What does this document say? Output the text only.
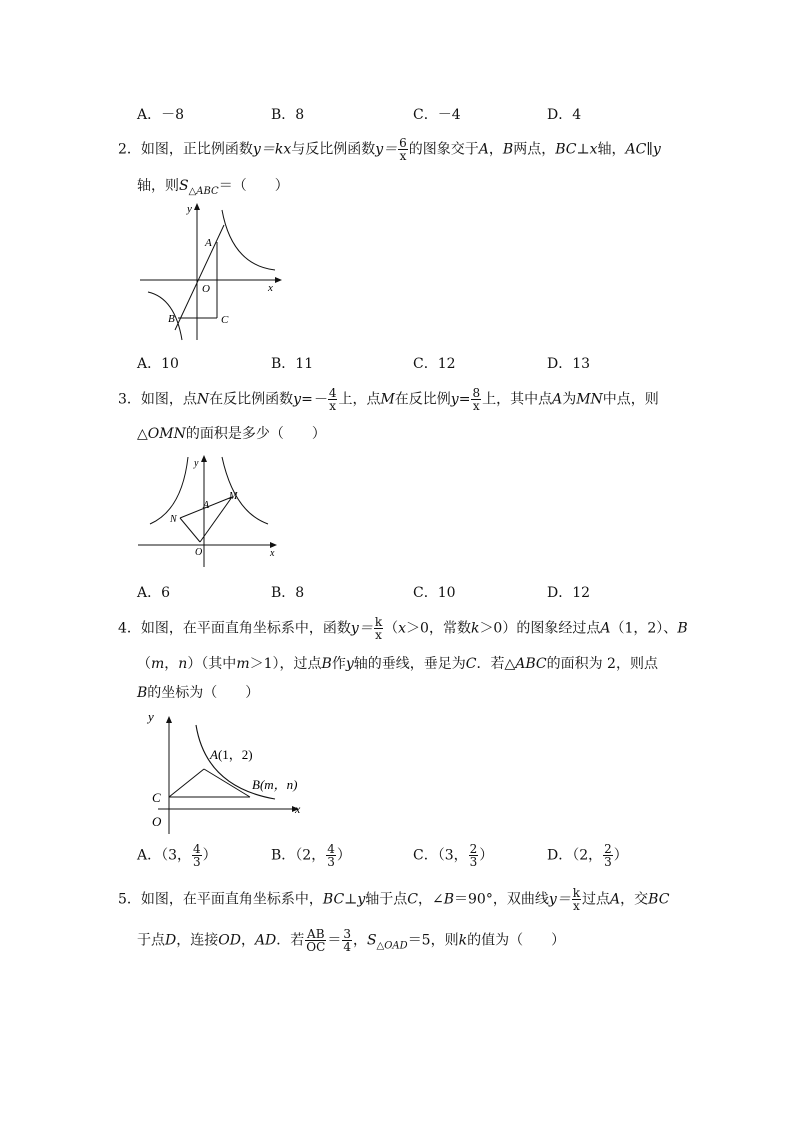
A．－8	B．8	C．－4	D．4
2．如图，正比例函数y＝kx与反比例函数$y= \frac{6}{x}$ 的图象交于A，B两点，BC⊥x轴，AC∥y
轴，则$S_{\triangle ABC}=$（　　）
y
x
A
O
B	C
A．10	B．11	C．12	D．13
3．如图，点N在反比例函数$y=- \frac{4}{x}$ 上，点M在反比例$y= \frac{8}{x}$ 上，其中点A为MN中点，则
△OMN的面积是多少（　　）
y
x
M
N
A
O
A．6	B．8	C．10	D．12
4．如图，在平面直角坐标系中，函数$y= \frac{k}{x} (x>0$，常数k＞0）的图象经过点A（1，2）、B
（m，n）（其中m＞1），过点B作y轴的垂线，垂足为C．若△ABC的面积为 2，则点
B的坐标为（　　）
y
x
A(1，2)
B(m，n)
C
O
A．（3， $\frac{4}{3}$ ）	B．（2， $\frac{4}{3}$ ）	C．（3， $\frac{2}{3}$ ）	D．（2， $\frac{2}{3}$ ）
5．如图，在平面直角坐标系中，BC⊥y轴于点C，∠B＝90°，双曲线$y= \frac{k}{x}$ 过点A，交BC
于点D，连接OD，AD．若 $\frac{AB}{OC} = \frac{3}{4}$ ，$S_{\triangle OAD}=5$，则k的值为（　　）
